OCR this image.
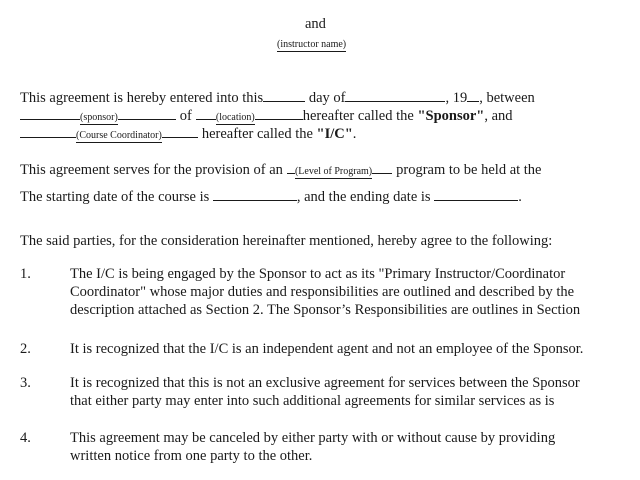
and
(instructor name)
This agreement is hereby entered into this	day of	, 19 , between
(sponsor)	of (location)	hereafter called the "Sponsor", and
(Course Coordinator)	hereafter called the "I/C".
This agreement serves for the provision of an (Level of Program) program to be held at the
The starting date of the course is	, and the ending date is	.
The said parties, for the consideration hereinafter mentioned, hereby agree to the following:
1.	The I/C is being engaged by the Sponsor to act as its "Primary Instructor/Coordinator
Coordinator" whose major duties and responsibilities are outlined and described by the
description attached as Section 2. The Sponsor’s Responsibilities are outlines in Section
2.	It is recognized that the I/C is an independent agent and not an employee of the Sponsor.
3.	It is recognized that this is not an exclusive agreement for services between the Sponsor
that either party may enter into such additional agreements for similar services as is
4.	This agreement may be canceled by either party with or without cause by providing
written notice from one party to the other.
